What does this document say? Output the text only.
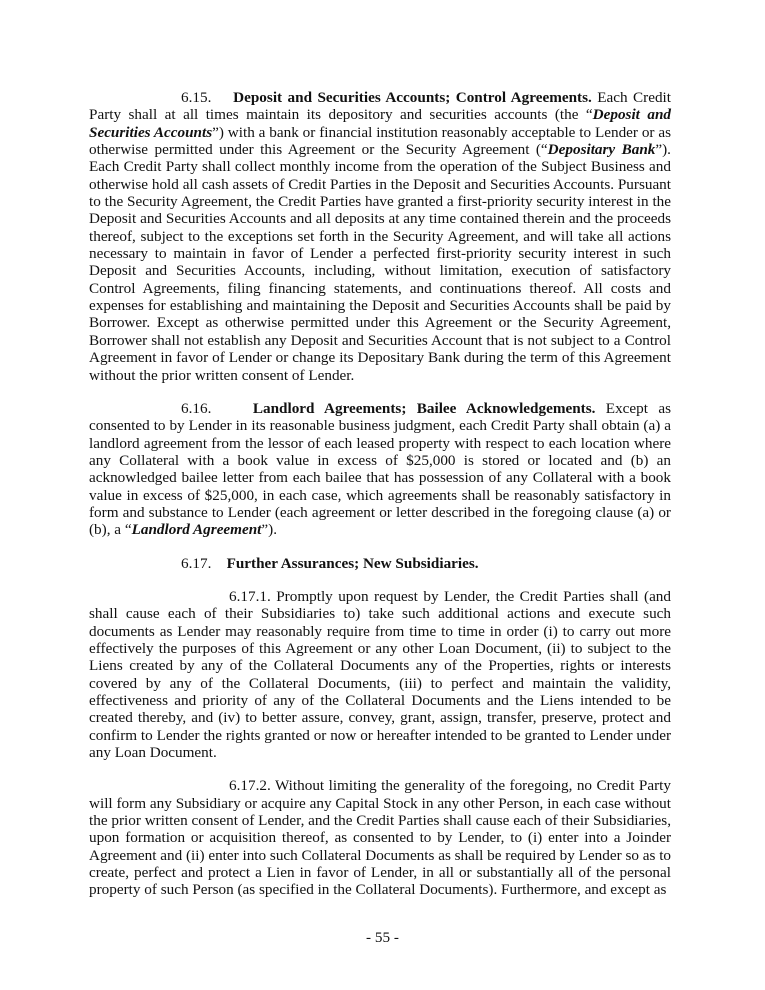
6.15. Deposit and Securities Accounts; Control Agreements. Each Credit Party shall at all times maintain its depository and securities accounts (the “Deposit and Securities Accounts”) with a bank or financial institution reasonably acceptable to Lender or as otherwise permitted under this Agreement or the Security Agreement (“Depositary Bank”). Each Credit Party shall collect monthly income from the operation of the Subject Business and otherwise hold all cash assets of Credit Parties in the Deposit and Securities Accounts. Pursuant to the Security Agreement, the Credit Parties have granted a first-priority security interest in the Deposit and Securities Accounts and all deposits at any time contained therein and the proceeds thereof, subject to the exceptions set forth in the Security Agreement, and will take all actions necessary to maintain in favor of Lender a perfected first-priority security interest in such Deposit and Securities Accounts, including, without limitation, execution of satisfactory Control Agreements, filing financing statements, and continuations thereof. All costs and expenses for establishing and maintaining the Deposit and Securities Accounts shall be paid by Borrower. Except as otherwise permitted under this Agreement or the Security Agreement, Borrower shall not establish any Deposit and Securities Account that is not subject to a Control Agreement in favor of Lender or change its Depositary Bank during the term of this Agreement without the prior written consent of Lender.

6.16.	Landlord Agreements; Bailee Acknowledgements. Except as consented to by Lender in its reasonable business judgment, each Credit Party shall obtain (a) a landlord agreement from the lessor of each leased property with respect to each location where any Collateral with a book value in excess of $25,000 is stored or located and (b) an acknowledged bailee letter from each bailee that has possession of any Collateral with a book value in excess of $25,000, in each case, which agreements shall be reasonably satisfactory in form and substance to Lender (each agreement or letter described in the foregoing clause (a) or (b), a “Landlord Agreement”).

6.17. Further Assurances; New Subsidiaries.

6.17.1. Promptly upon request by Lender, the Credit Parties shall (and shall cause each of their Subsidiaries to) take such additional actions and execute such documents as Lender may reasonably require from time to time in order (i) to carry out more effectively the purposes of this Agreement or any other Loan Document, (ii) to subject to the Liens created by any of the Collateral Documents any of the Properties, rights or interests covered by any of the Collateral Documents, (iii) to perfect and maintain the validity, effectiveness and priority of any of the Collateral Documents and the Liens intended to be created thereby, and (iv) to better assure, convey, grant, assign, transfer, preserve, protect and confirm to Lender the rights granted or now or hereafter intended to be granted to Lender under any Loan Document.

6.17.2. Without limiting the generality of the foregoing, no Credit Party will form any Subsidiary or acquire any Capital Stock in any other Person, in each case without the prior written consent of Lender, and the Credit Parties shall cause each of their Subsidiaries, upon formation or acquisition thereof, as consented to by Lender, to (i) enter into a Joinder Agreement and (ii) enter into such Collateral Documents as shall be required by Lender so as to create, perfect and protect a Lien in favor of Lender, in all or substantially all of the personal property of such Person (as specified in the Collateral Documents). Furthermore, and except as

- 55 -
